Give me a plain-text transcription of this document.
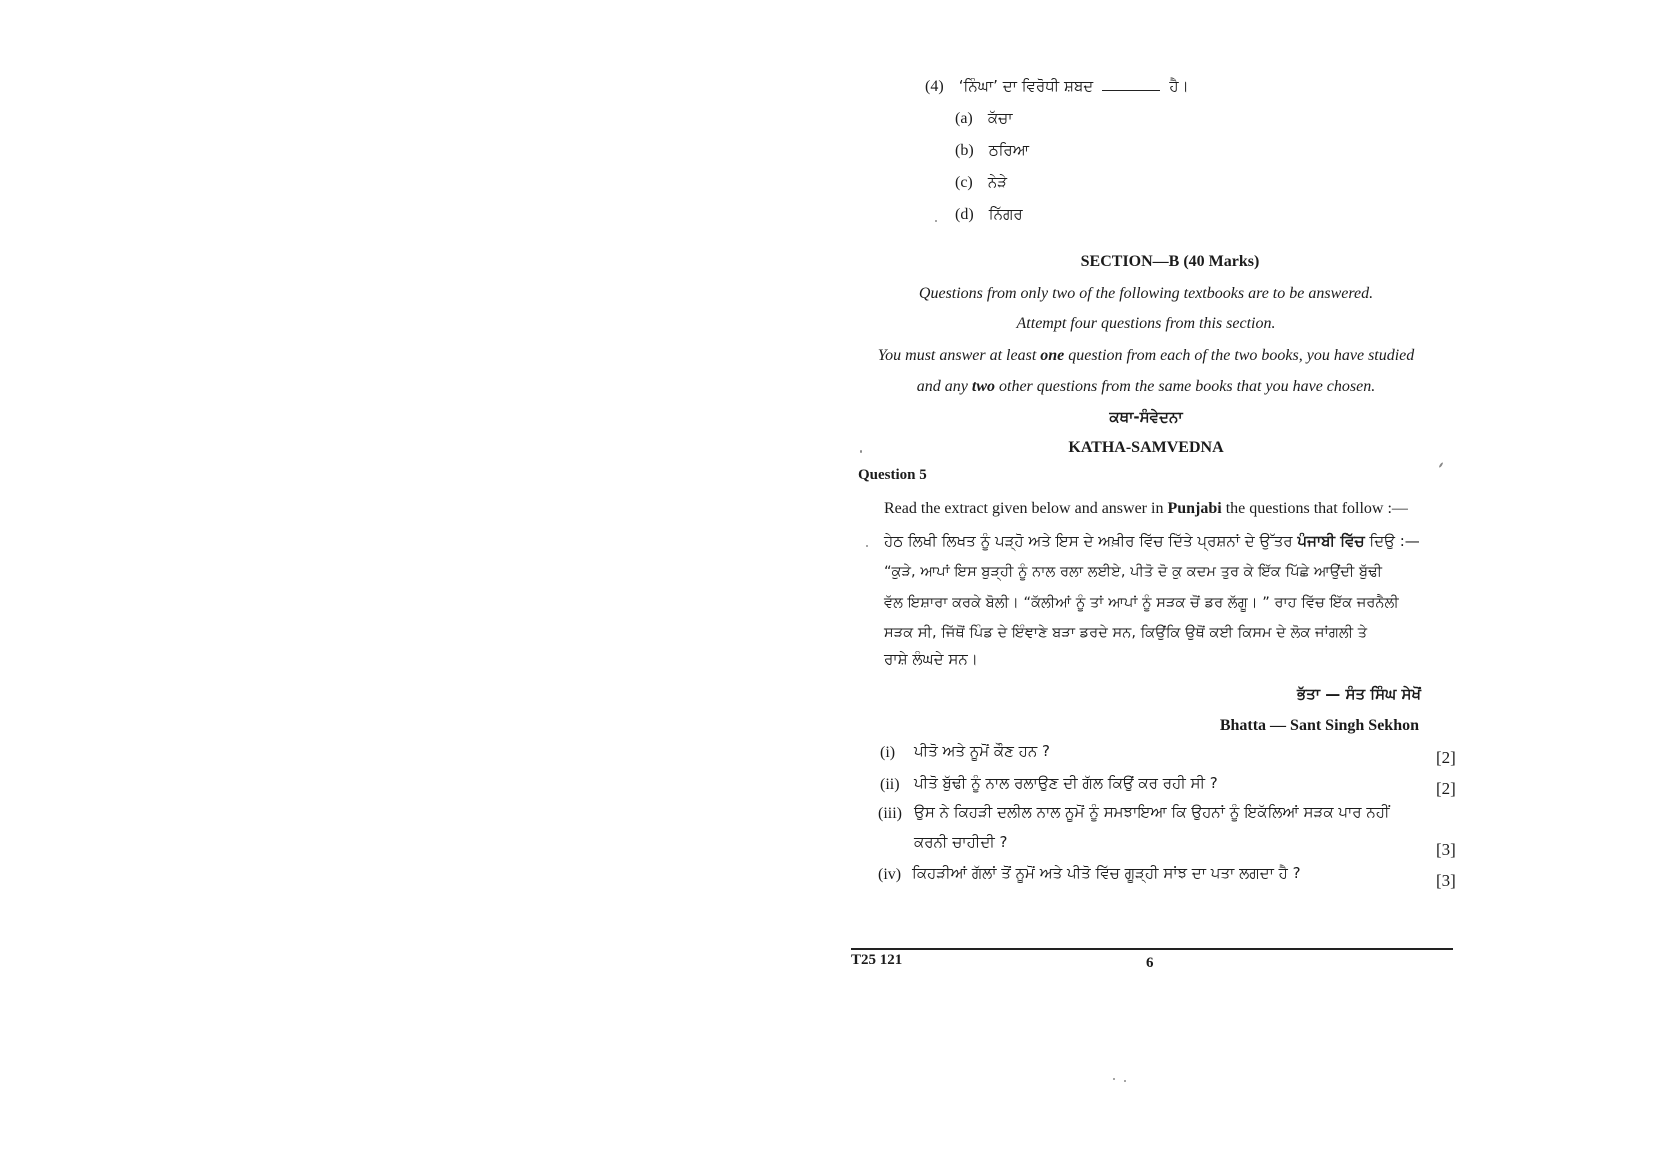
(4) ‘ਨਿੰਘਾ’ ਦਾ ਵਿਰੋਧੀ ਸ਼ਬਦ	ਹੈ।
(a) ਕੱਚਾ
(b) ਠਰਿਆ
(c) ਨੇੜੇ
(d) ਨਿੱਗਰ
SECTION—B (40 Marks)
Questions from only two of the following textbooks are to be answered.
Attempt four questions from this section.
You must answer at least one question from each of the two books, you have studied
and any two other questions from the same books that you have chosen.
ਕਥਾ-ਸੰਵੇਦਨਾ
KATHA-SAMVEDNA
Question 5
Read the extract given below and answer in Punjabi the questions that follow :—
ਹੇਠ ਲਿਖੀ ਲਿਖਤ ਨੂੰ ਪੜ੍ਹੋ ਅਤੇ ਇਸ ਦੇ ਅਖ਼ੀਰ ਵਿੱਚ ਦਿੱਤੇ ਪ੍ਰਸ਼ਨਾਂ ਦੇ ਉੱਤਰ ਪੰਜਾਬੀ ਵਿੱਚ ਦਿਉ :—
“ਕੁੜੇ, ਆਪਾਂ ਇਸ ਬੁੜ੍ਹੀ ਨੂੰ ਨਾਲ ਰਲਾ ਲਈਏ, ਪੀਤੋ ਦੋ ਕੁ ਕਦਮ ਤੁਰ ਕੇ ਇੱਕ ਪਿੱਛੇ ਆਉਂਦੀ ਬੁੱਢੀ
ਵੱਲ ਇਸ਼ਾਰਾ ਕਰਕੇ ਬੋਲੀ। “ਕੱਲੀਆਂ ਨੂੰ ਤਾਂ ਆਪਾਂ ਨੂੰ ਸੜਕ ਚੋਂ ਡਰ ਲੱਗੂ। ” ਰਾਹ ਵਿੱਚ ਇੱਕ ਜਰਨੈਲੀ
ਸੜਕ ਸੀ, ਜਿੱਥੋਂ ਪਿੰਡ ਦੇ ਇੰਞਾਣੇ ਬੜਾ ਡਰਦੇ ਸਨ, ਕਿਉਂਕਿ ਉਥੋਂ ਕਈ ਕਿਸਮ ਦੇ ਲੋਕ ਜਾਂਗਲੀ ਤੇ
ਰਾਸ਼ੇ ਲੰਘਦੇ ਸਨ।
ਭੱਤਾ — ਸੰਤ ਸਿੰਘ ਸੇਖੋਂ
Bhatta — Sant Singh Sekhon
(i) ਪੀਤੋ ਅਤੇ ਨੂਮੋਂ ਕੌਣ ਹਨ ?	[2]
(ii) ਪੀਤੋ ਬੁੱਢੀ ਨੂੰ ਨਾਲ ਰਲਾਉਣ ਦੀ ਗੱਲ ਕਿਉਂ ਕਰ ਰਹੀ ਸੀ ?	[2]
(iii) ਉਸ ਨੇ ਕਿਹੜੀ ਦਲੀਲ ਨਾਲ ਨੂਮੋਂ ਨੂੰ ਸਮਝਾਇਆ ਕਿ ਉਹਨਾਂ ਨੂੰ ਇਕੱਲਿਆਂ ਸੜਕ ਪਾਰ ਨਹੀਂ
ਕਰਨੀ ਚਾਹੀਦੀ ?	[3]
(iv) ਕਿਹੜੀਆਂ ਗੱਲਾਂ ਤੋਂ ਨੂਮੋਂ ਅਤੇ ਪੀਤੋ ਵਿੱਚ ਗੂੜ੍ਹੀ ਸਾਂਝ ਦਾ ਪਤਾ ਲਗਦਾ ਹੈ ?	[3]
T25 121	6
